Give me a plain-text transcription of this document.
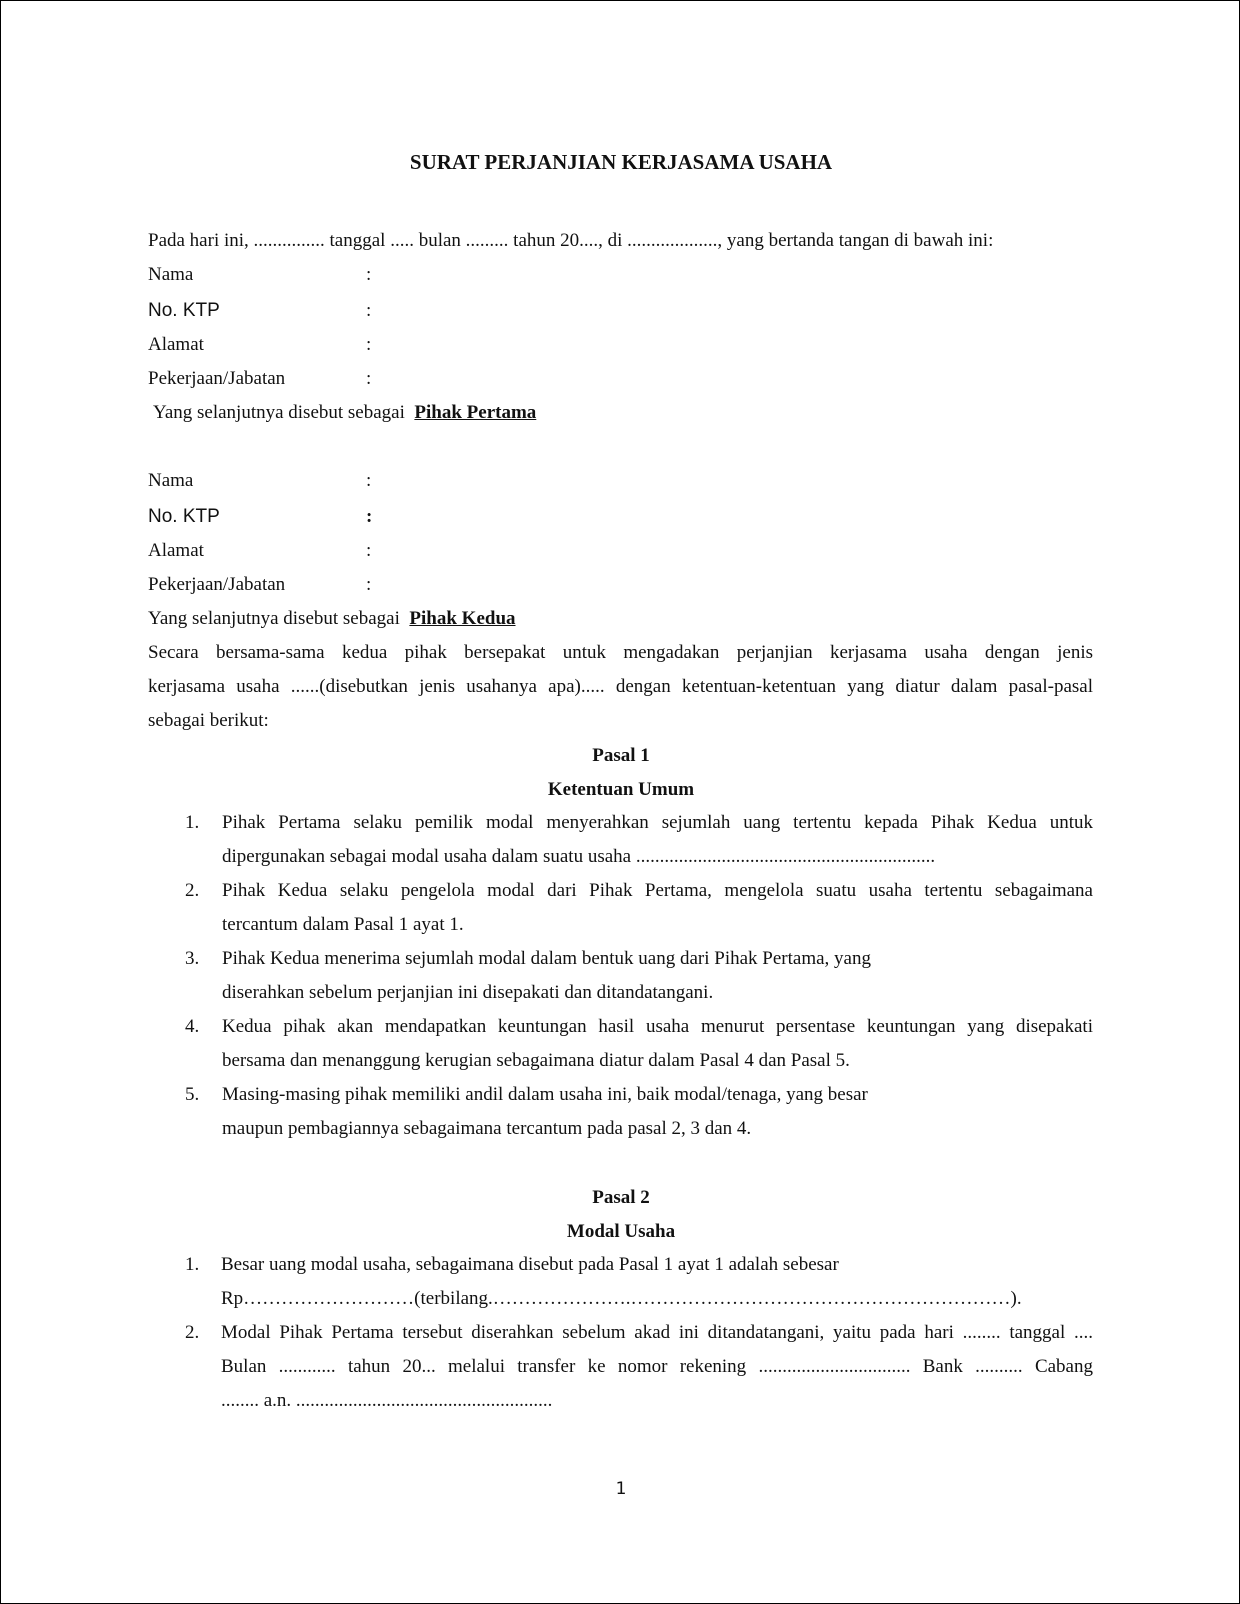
SURAT PERJANJIAN KERJASAMA USAHA
Pada hari ini, ............... tanggal ..... bulan ......... tahun 20...., di ..................., yang bertanda tangan di bawah ini:
Nama	:
No. KTP	:
Alamat	:
Pekerjaan/Jabatan	:
Yang selanjutnya disebut sebagai Pihak Pertama
Nama	:
No. KTP	:
Alamat	:
Pekerjaan/Jabatan	:
Yang selanjutnya disebut sebagai Pihak Kedua
Secara bersama-sama kedua pihak bersepakat untuk mengadakan perjanjian kerjasama usaha dengan jenis
kerjasama usaha ......(disebutkan jenis usahanya apa)..... dengan ketentuan-ketentuan yang diatur dalam pasal-pasal
sebagai berikut:
Pasal 1
Ketentuan Umum
1. Pihak Pertama selaku pemilik modal menyerahkan sejumlah uang tertentu kepada Pihak Kedua untuk
dipergunakan sebagai modal usaha dalam suatu usaha ...............................................................
2. Pihak Kedua selaku pengelola modal dari Pihak Pertama, mengelola suatu usaha tertentu sebagaimana
tercantum dalam Pasal 1 ayat 1.
3. Pihak Kedua menerima sejumlah modal dalam bentuk uang dari Pihak Pertama, yang
diserahkan sebelum perjanjian ini disepakati dan ditandatangani.
4. Kedua pihak akan mendapatkan keuntungan hasil usaha menurut persentase keuntungan yang disepakati
bersama dan menanggung kerugian sebagaimana diatur dalam Pasal 4 dan Pasal 5.
5. Masing-masing pihak memiliki andil dalam usaha ini, baik modal/tenaga, yang besar
maupun pembagiannya sebagaimana tercantum pada pasal 2, 3 dan 4.
Pasal 2
Modal Usaha
1. Besar uang modal usaha, sebagaimana disebut pada Pasal 1 ayat 1 adalah sebesar
Rp………………………(terbilang.………………….……………………………………………………).
2. Modal Pihak Pertama tersebut diserahkan sebelum akad ini ditandatangani, yaitu pada hari ........ tanggal ....
Bulan ............ tahun 20... melalui transfer ke nomor rekening ................................ Bank .......... Cabang
........ a.n. ......................................................
1
